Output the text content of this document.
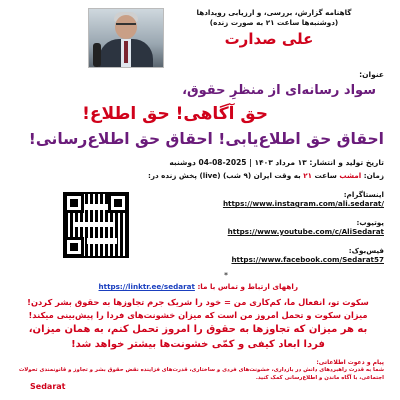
گاهنامه گزارش، بررسی، و ارزیابی رویدادها
(دوشنبه‌ها ساعت ۲۱ به صورت زنده)
علی صدارت
عنوان:
سواد رسانه‌ای از منظرِ حقوق،
حق آگاهی! حق اطلاع!
احقاق حق اطلاع‌یابی! احقاق حق اطلاع‌رسانی!
تاریخ تولید و انتشار: ۱۳ مرداد ۱۴۰۳ | 2025-08-04 دوشنبه
زمان: امشب ساعت ۲۱ به وقت ایران (۹ شب) (live) پخش زنده در:
اینستاگرام:
https://www.instagram.com/ali.sedarat/
یوتیوب:
https://www.youtube.com/c/AliSedarat
فیس‌بوک:
https://www.facebook.com/Sedarat57
*
راههای ارتباط و تماس با ما: https://linktr.ee/sedarat
سکوت تو، انفعال ما، کم‌کاری من = خود را شریک جرم تجاوزها به حقوق بشر کردن!
میزان سکوت و تحمل امروز من است که میزان خشونت‌های فردا را پیش‌بینی میکند!
به هر میزان که تجاوزها به حقوق را امروز تحمل کنم، به همان میزان،
فردا ابعاد کیفی و کمّی خشونت‌ها بیشتر خواهد شد!
پیام و دعوت اطلاعاتی:
شما به قدرت راهبردهای دانش در بازداری، خشونت‌های فردی و ساختاری، قدرت‌های فزاینده نقض حقوق بشر و تجاوز و قانونمندی تحولات اجتماعی، با آگاه ماندن و اطلاع‌رسانی کمک کنید.
Sedarat
